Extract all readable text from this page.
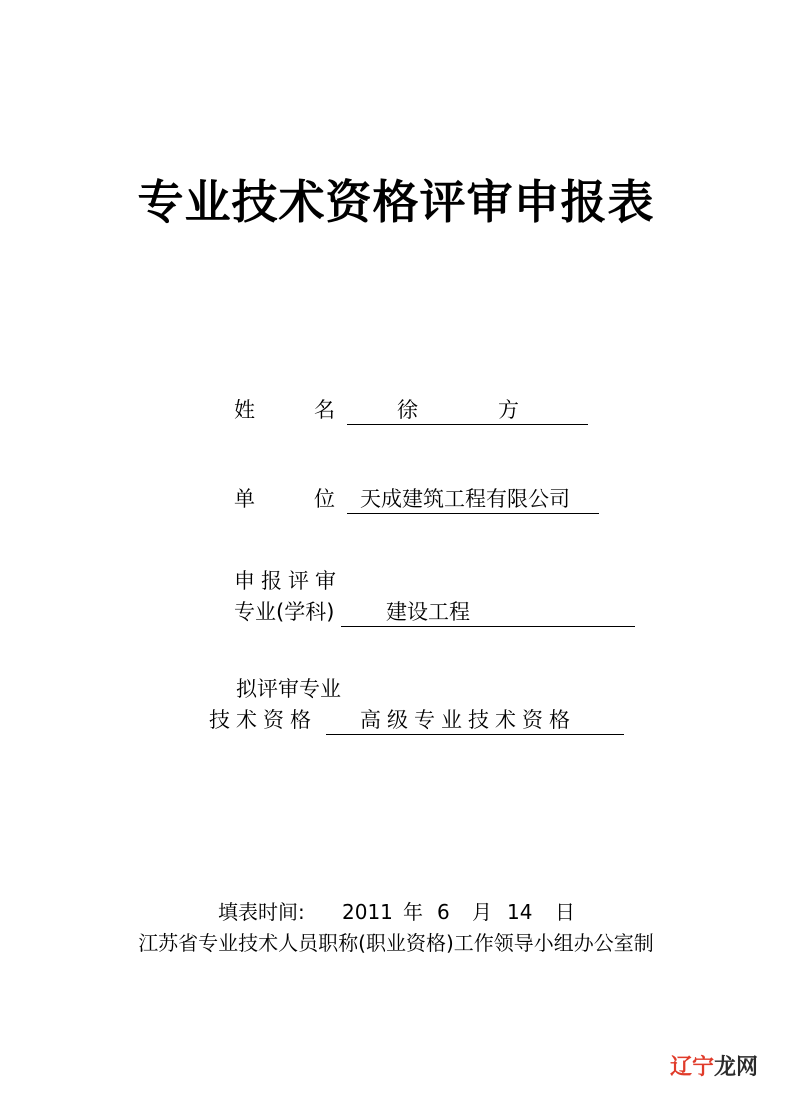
专业技术资格评审申报表
姓	名	徐	方
单	位 天成建筑工程有限公司
申报评审
专业(学科) 建设工程
拟评审专业
技术资格 高级专业技术资格
填表时间: 2011 年 6 月 14 日
江苏省专业技术人员职称(职业资格)工作领导小组办公室制
辽宁龙网
